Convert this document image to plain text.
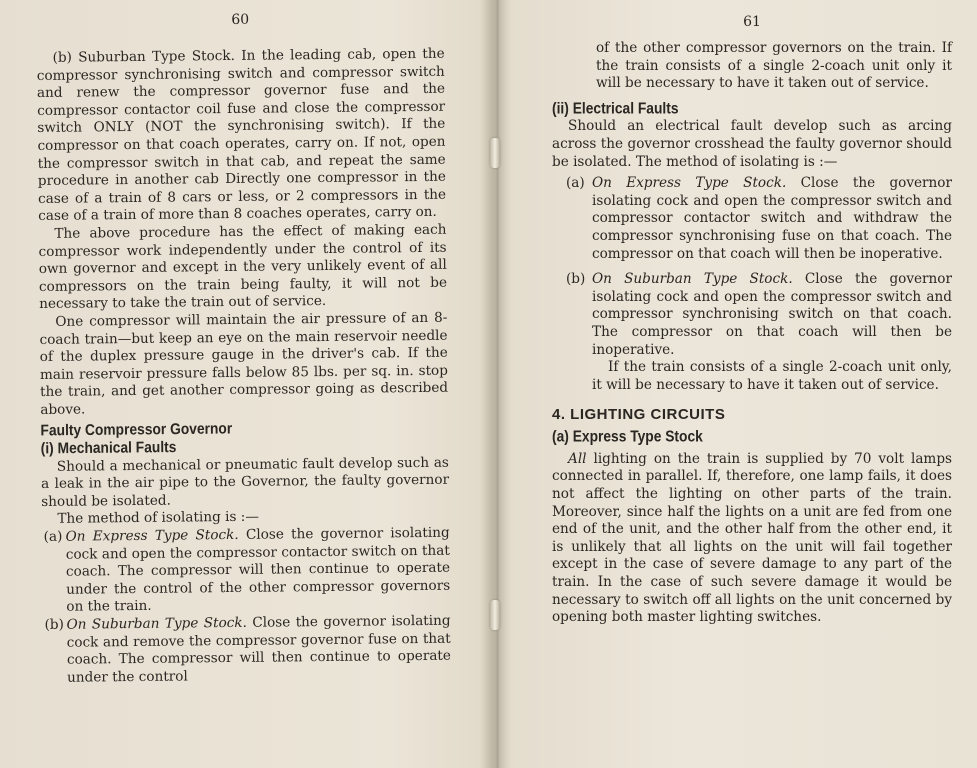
60

(b) Suburban Type Stock. In the leading cab, open the compressor synchronising switch and compressor switch and renew the compressor governor fuse and the compressor contactor coil fuse and close the compressor switch ONLY (NOT the synchronising switch). If the compressor on that coach operates, carry on. If not, open the compressor switch in that cab, and repeat the same procedure in another cab Directly one compressor in the case of a train of 8 cars or less, or 2 compressors in the case of a train of more than 8 coaches operates, carry on.

The above procedure has the effect of making each compressor work independently under the control of its own governor and except in the very unlikely event of all compressors on the train being faulty, it will not be necessary to take the train out of service.

One compressor will maintain the air pressure of an 8-coach train—but keep an eye on the main reservoir needle of the duplex pressure gauge in the driver's cab. If the main reservoir pressure falls below 85 lbs. per sq. in. stop the train, and get another compressor going as described above.

Faulty Compressor Governor
(i) Mechanical Faults

Should a mechanical or pneumatic fault develop such as a leak in the air pipe to the Governor, the faulty governor should be isolated.

The method of isolating is :—

(a) On Express Type Stock. Close the governor isolating cock and open the compressor contactor switch on that coach. The compressor will then continue to operate under the control of the other compressor governors on the train.
(b) On Suburban Type Stock. Close the governor isolating cock and remove the compressor governor fuse on that coach. The compressor will then continue to operate under the control
61

of the other compressor governors on the train. If the train consists of a single 2-coach unit only it will be necessary to have it taken out of service.

(ii) Electrical Faults

Should an electrical fault develop such as arcing across the governor crosshead the faulty governor should be isolated. The method of isolating is :—

(a) On Express Type Stock. Close the governor isolating cock and open the compressor switch and compressor contactor switch and withdraw the compressor synchronising fuse on that coach. The compressor on that coach will then be inoperative.
(b) On Suburban Type Stock. Close the governor isolating cock and open the compressor switch and compressor synchronising switch on that coach. The compressor on that coach will then be inoperative.

If the train consists of a single 2-coach unit only, it will be necessary to have it taken out of service.

4. LIGHTING CIRCUITS
(a) Express Type Stock

All lighting on the train is supplied by 70 volt lamps connected in parallel. If, therefore, one lamp fails, it does not affect the lighting on other parts of the train. Moreover, since half the lights on a unit are fed from one end of the unit, and the other half from the other end, it is unlikely that all lights on the unit will fail together except in the case of severe damage to any part of the train. In the case of such severe damage it would be necessary to switch off all lights on the unit concerned by opening both master lighting switches.
